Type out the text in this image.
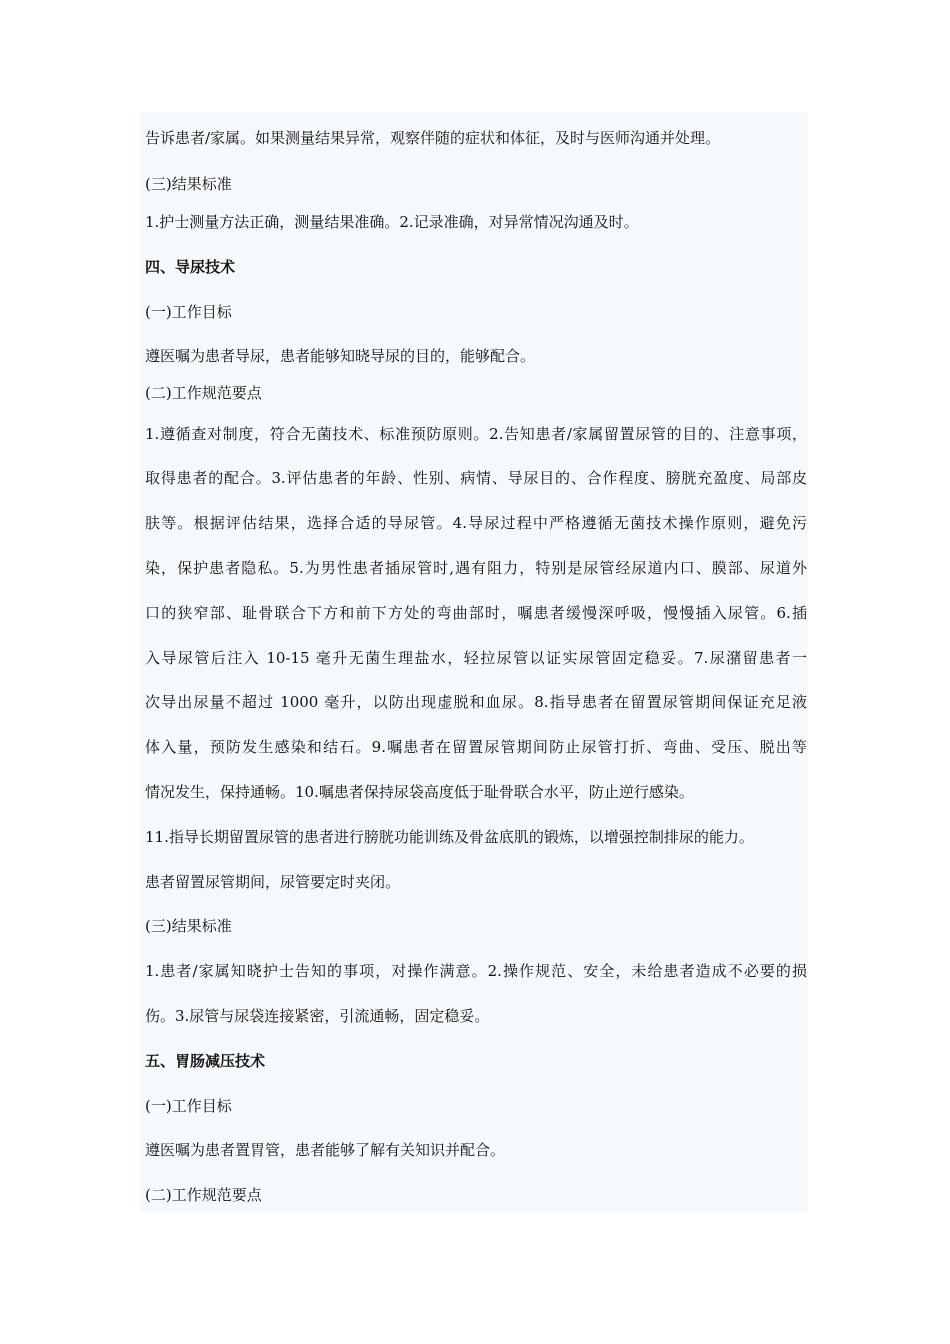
告诉患者/家属。如果测量结果异常，观察伴随的症状和体征，及时与医师沟通并处理。
(三)结果标准
1.护士测量方法正确，测量结果准确。2.记录准确，对异常情况沟通及时。
四、导尿技术
(一)工作目标
遵医嘱为患者导尿，患者能够知晓导尿的目的，能够配合。
(二)工作规范要点
1.遵循查对制度，符合无菌技术、标准预防原则。2.告知患者/家属留置尿管的目的、注意事项，
取得患者的配合。3.评估患者的年龄、性别、病情、导尿目的、合作程度、膀胱充盈度、局部皮
肤等。根据评估结果，选择合适的导尿管。4.导尿过程中严格遵循无菌技术操作原则，避免污
染，保护患者隐私。5.为男性患者插尿管时,遇有阻力，特别是尿管经尿道内口、膜部、尿道外
口的狭窄部、耻骨联合下方和前下方处的弯曲部时，嘱患者缓慢深呼吸，慢慢插入尿管。6.插
入导尿管后注入 10-15 毫升无菌生理盐水，轻拉尿管以证实尿管固定稳妥。7.尿潴留患者一
次导出尿量不超过 1000 毫升，以防出现虚脱和血尿。8.指导患者在留置尿管期间保证充足液
体入量，预防发生感染和结石。9.嘱患者在留置尿管期间防止尿管打折、弯曲、受压、脱出等
情况发生，保持通畅。10.嘱患者保持尿袋高度低于耻骨联合水平，防止逆行感染。
11.指导长期留置尿管的患者进行膀胱功能训练及骨盆底肌的锻炼，以增强控制排尿的能力。
患者留置尿管期间，尿管要定时夹闭。
(三)结果标准
1.患者/家属知晓护士告知的事项，对操作满意。2.操作规范、安全，未给患者造成不必要的损
伤。3.尿管与尿袋连接紧密，引流通畅，固定稳妥。
五、胃肠减压技术
(一)工作目标
遵医嘱为患者置胃管，患者能够了解有关知识并配合。
(二)工作规范要点
